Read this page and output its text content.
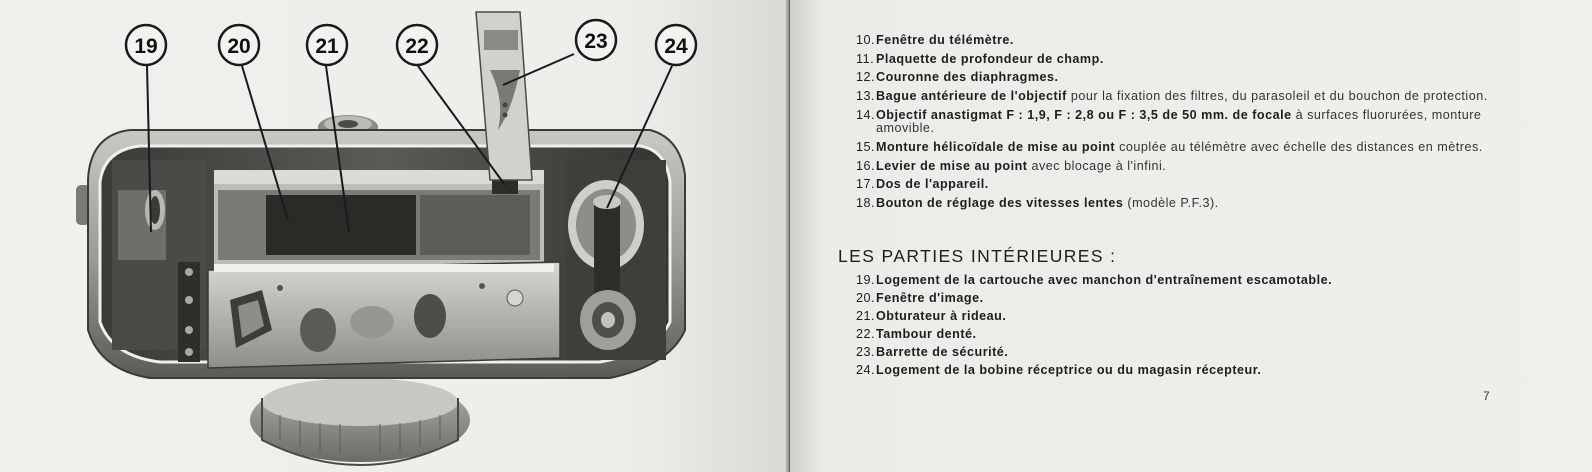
19	20	21	22	23	24	10. Fenêtre du télémètre.
11. Plaquette de profondeur de champ.
12. Couronne des diaphragmes.
13. Bague antérieure de l'objectif pour la fixation des filtres, du parasoleil et du bouchon de protection.
14. Objectif anastigmat F : 1,9, F : 2,8 ou F : 3,5 de 50 mm. de focale à surfaces fluorurées, monture amovible.
15. Monture hélicoïdale de mise au point couplée au télémètre avec échelle des distances en mètres.
16. Levier de mise au point avec blocage à l'infini.
17. Dos de l'appareil.
18. Bouton de réglage des vitesses lentes (modèle P.F.3).
LES PARTIES INTÉRIEURES :
19. Logement de la cartouche avec manchon d'entraînement escamotable.
20. Fenêtre d'image.
21. Obturateur à rideau.
22. Tambour denté.
23. Barrette de sécurité.
24. Logement de la bobine réceptrice ou du magasin récepteur.
7
